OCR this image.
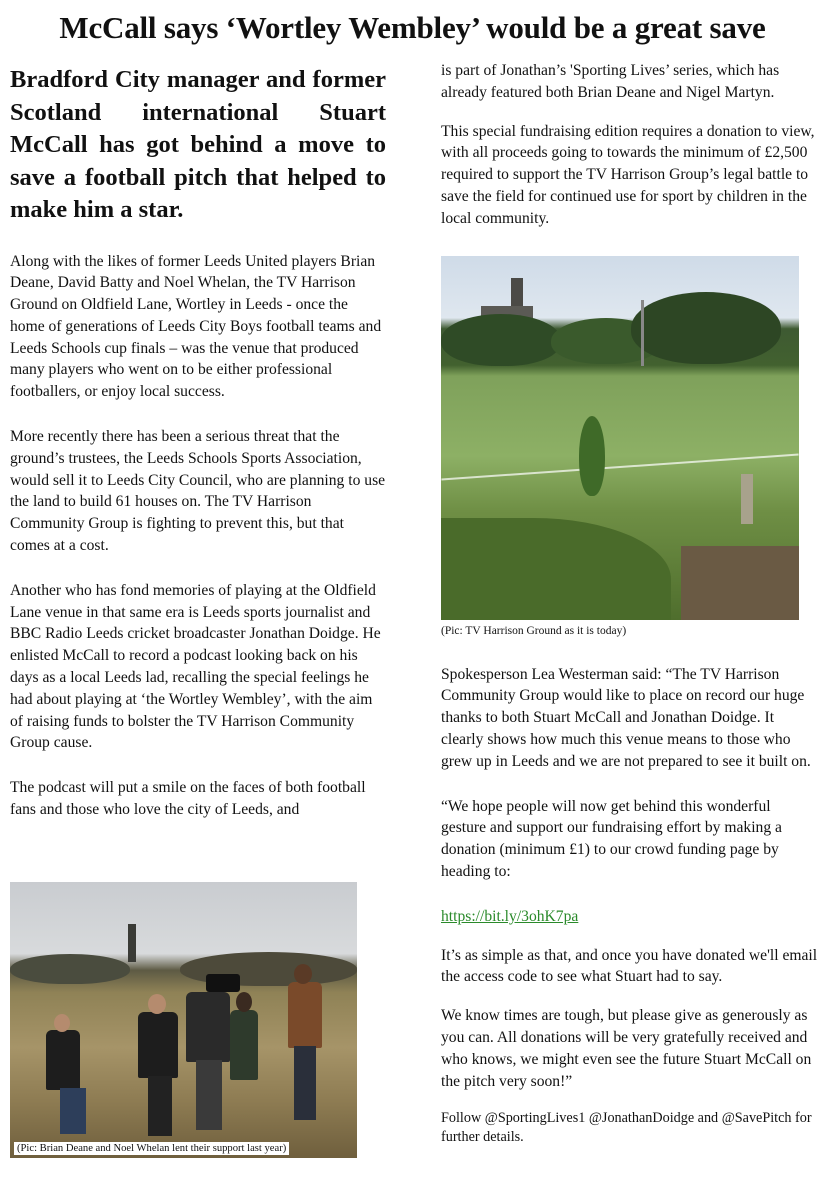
McCall says ‘Wortley Wembley’ would be a great save

Bradford City manager and former Scotland international Stuart McCall has got behind a move to save a football pitch that helped to make him a star.

Along with the likes of former Leeds United players Brian Deane, David Batty and Noel Whelan, the TV Harrison Ground on Oldfield Lane, Wortley in Leeds - once the home of generations of Leeds City Boys football teams and Leeds Schools cup finals – was the venue that produced many players who went on to be either professional footballers, or enjoy local success.

More recently there has been a serious threat that the ground’s trustees, the Leeds Schools Sports Association, would sell it to Leeds City Council, who are planning to use the land to build 61 houses on. The TV Harrison Community Group is fighting to prevent this, but that comes at a cost.

Another who has fond memories of playing at the Oldfield Lane venue in that same era is Leeds sports journalist and BBC Radio Leeds cricket broadcaster Jonathan Doidge. He enlisted McCall to record a podcast looking back on his days as a local Leeds lad, recalling the special feelings he had about playing at ‘the Wortley Wembley’, with the aim of raising funds to bolster the TV Harrison Community Group cause.

The podcast will put a smile on the faces of both football fans and those who love the city of Leeds, and

(Pic: Brian Deane and Noel Whelan lent their support last year)

is part of Jonathan’s 'Sporting Lives’ series, which has already featured both Brian Deane and Nigel Martyn.

This special fundraising edition requires a donation to view, with all proceeds going to towards the minimum of £2,500 required to support the TV Harrison Group’s legal battle to save the field for continued use for sport by children in the local community.

(Pic: TV Harrison Ground as it is today)

Spokesperson Lea Westerman said: “The TV Harrison Community Group would like to place on record our huge thanks to both Stuart McCall and Jonathan Doidge. It clearly shows how much this venue means to those who grew up in Leeds and we are not prepared to see it built on.

“We hope people will now get behind this wonderful gesture and support our fundraising effort by making a donation (minimum £1) to our crowd funding page by heading to:

https://bit.ly/3ohK7pa

It’s as simple as that, and once you have donated we'll email the access code to see what Stuart had to say.

We know times are tough, but please give as generously as you can. All donations will be very gratefully received and who knows, we might even see the future Stuart McCall on the pitch very soon!”

Follow @SportingLives1 @JonathanDoidge and @SavePitch for further details.
